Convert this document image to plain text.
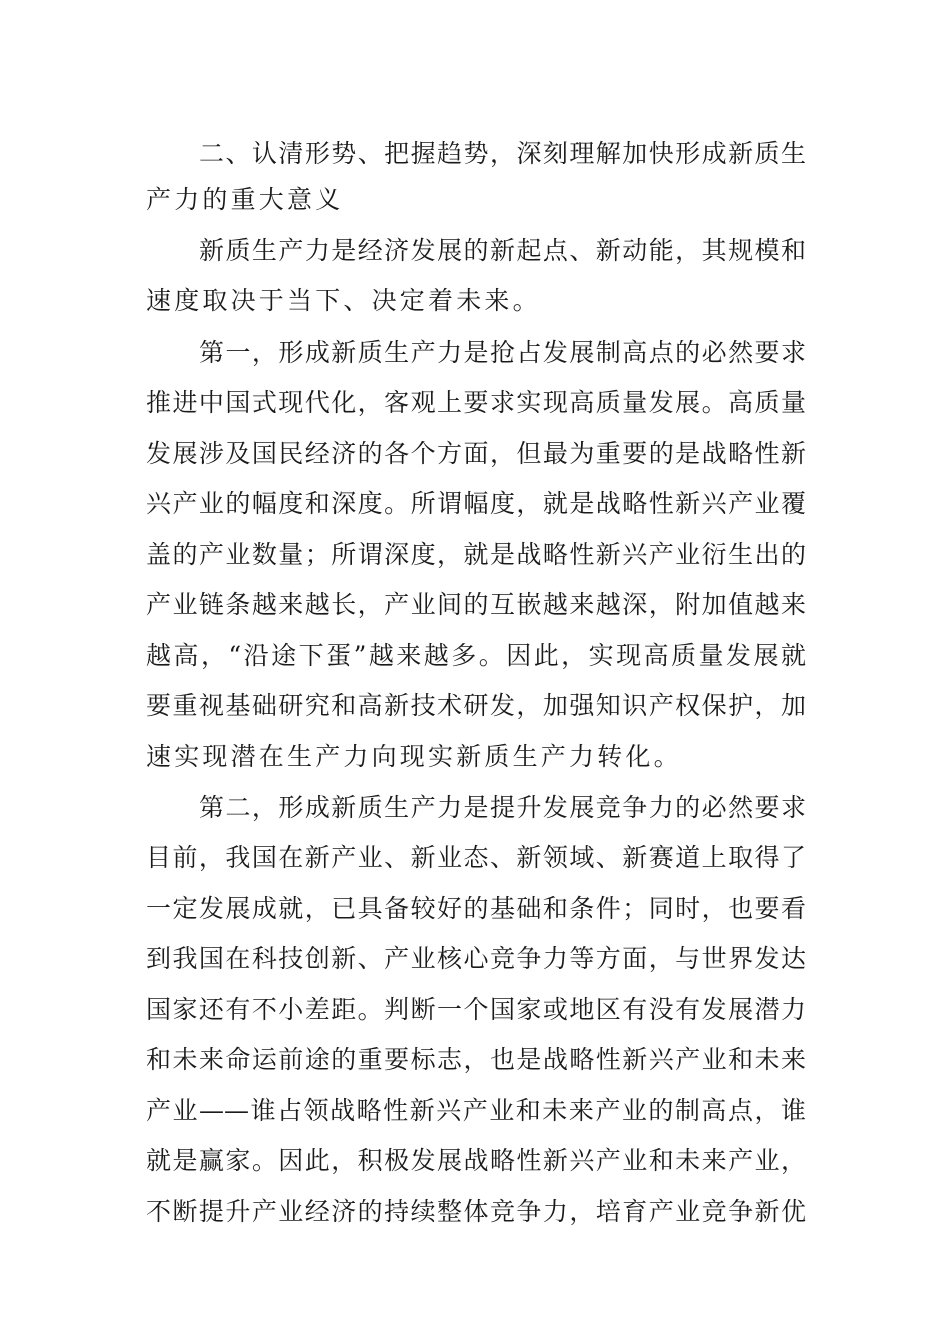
二、认清形势、把握趋势，深刻理解加快形成新质生
产力的重大意义
新质生产力是经济发展的新起点、新动能，其规模和
速度取决于当下、决定着未来。
第一，形成新质生产力是抢占发展制高点的必然要求
推进中国式现代化，客观上要求实现高质量发展。高质量
发展涉及国民经济的各个方面，但最为重要的是战略性新
兴产业的幅度和深度。所谓幅度，就是战略性新兴产业覆
盖的产业数量；所谓深度，就是战略性新兴产业衍生出的
产业链条越来越长，产业间的互嵌越来越深，附加值越来
越高，“沿途下蛋”越来越多。因此，实现高质量发展就
要重视基础研究和高新技术研发，加强知识产权保护，加
速实现潜在生产力向现实新质生产力转化。
第二，形成新质生产力是提升发展竞争力的必然要求
目前，我国在新产业、新业态、新领域、新赛道上取得了
一定发展成就，已具备较好的基础和条件；同时，也要看
到我国在科技创新、产业核心竞争力等方面，与世界发达
国家还有不小差距。判断一个国家或地区有没有发展潜力
和未来命运前途的重要标志，也是战略性新兴产业和未来
产业——谁占领战略性新兴产业和未来产业的制高点，谁
就是赢家。因此，积极发展战略性新兴产业和未来产业，
不断提升产业经济的持续整体竞争力，培育产业竞争新优
